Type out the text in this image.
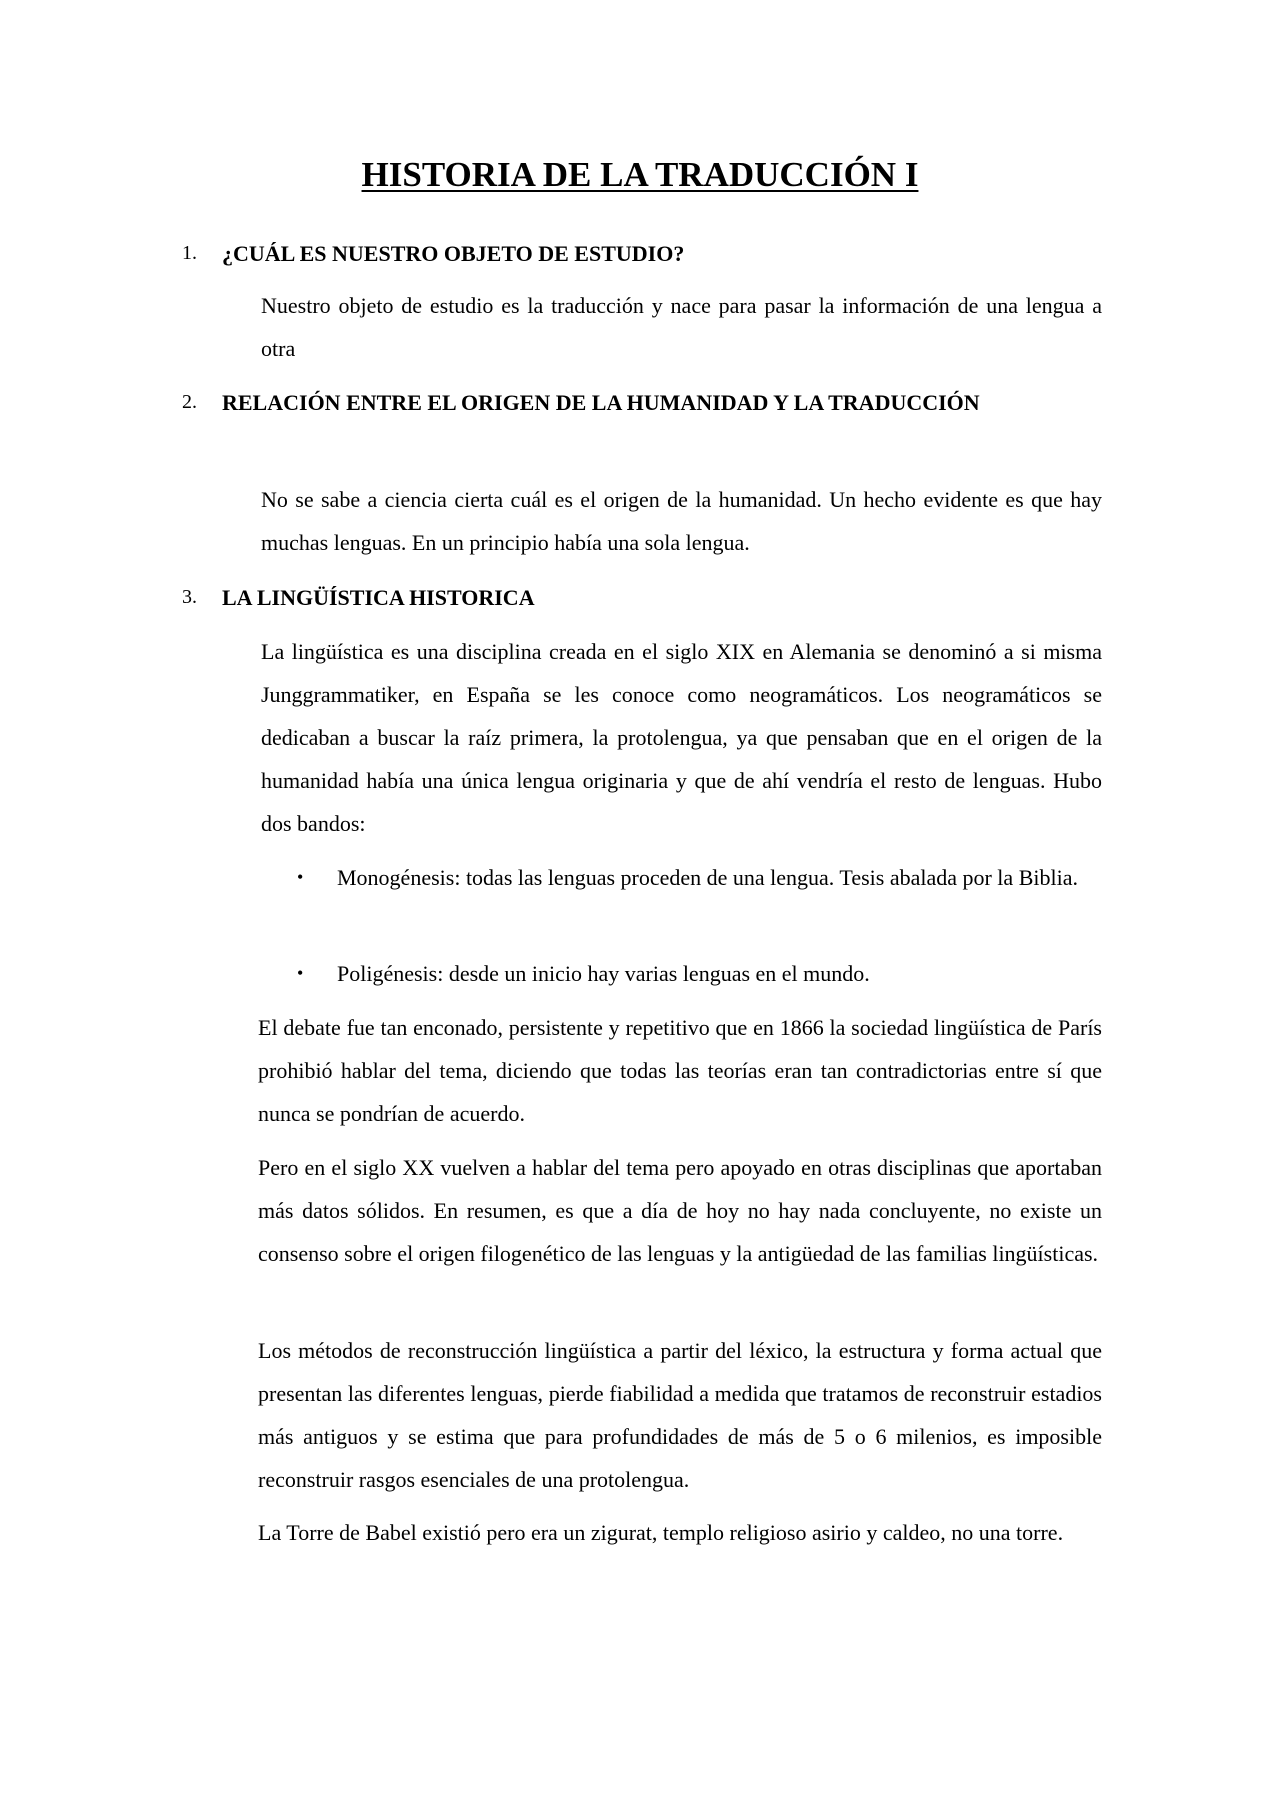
HISTORIA DE LA TRADUCCIÓN I
1. ¿CUÁL ES NUESTRO OBJETO DE ESTUDIO?
Nuestro objeto de estudio es la traducción y nace para pasar la información de una lengua a otra
2. RELACIÓN ENTRE EL ORIGEN DE LA HUMANIDAD Y LA TRADUCCIÓN
No se sabe a ciencia cierta cuál es el origen de la humanidad. Un hecho evidente es que hay muchas lenguas. En un principio había una sola lengua.
3. LA LINGÜÍSTICA HISTORICA
La lingüística es una disciplina creada en el siglo XIX en Alemania se denominó a si misma Junggrammatiker, en España se les conoce como neogramáticos. Los neogramáticos se dedicaban a buscar la raíz primera, la protolengua, ya que pensaban que en el origen de la humanidad había una única lengua originaria y que de ahí vendría el resto de lenguas. Hubo dos bandos:
• Monogénesis: todas las lenguas proceden de una lengua. Tesis abalada por la Biblia.
• Poligénesis: desde un inicio hay varias lenguas en el mundo.
El debate fue tan enconado, persistente y repetitivo que en 1866 la sociedad lingüística de París prohibió hablar del tema, diciendo que todas las teorías eran tan contradictorias entre sí que nunca se pondrían de acuerdo.
Pero en el siglo XX vuelven a hablar del tema pero apoyado en otras disciplinas que aportaban más datos sólidos. En resumen, es que a día de hoy no hay nada concluyente, no existe un consenso sobre el origen filogenético de las lenguas y la antigüedad de las familias lingüísticas.
Los métodos de reconstrucción lingüística a partir del léxico, la estructura y forma actual que presentan las diferentes lenguas, pierde fiabilidad a medida que tratamos de reconstruir estadios más antiguos y se estima que para profundidades de más de 5 o 6 milenios, es imposible reconstruir rasgos esenciales de una protolengua.
La Torre de Babel existió pero era un zigurat, templo religioso asirio y caldeo, no una torre.
